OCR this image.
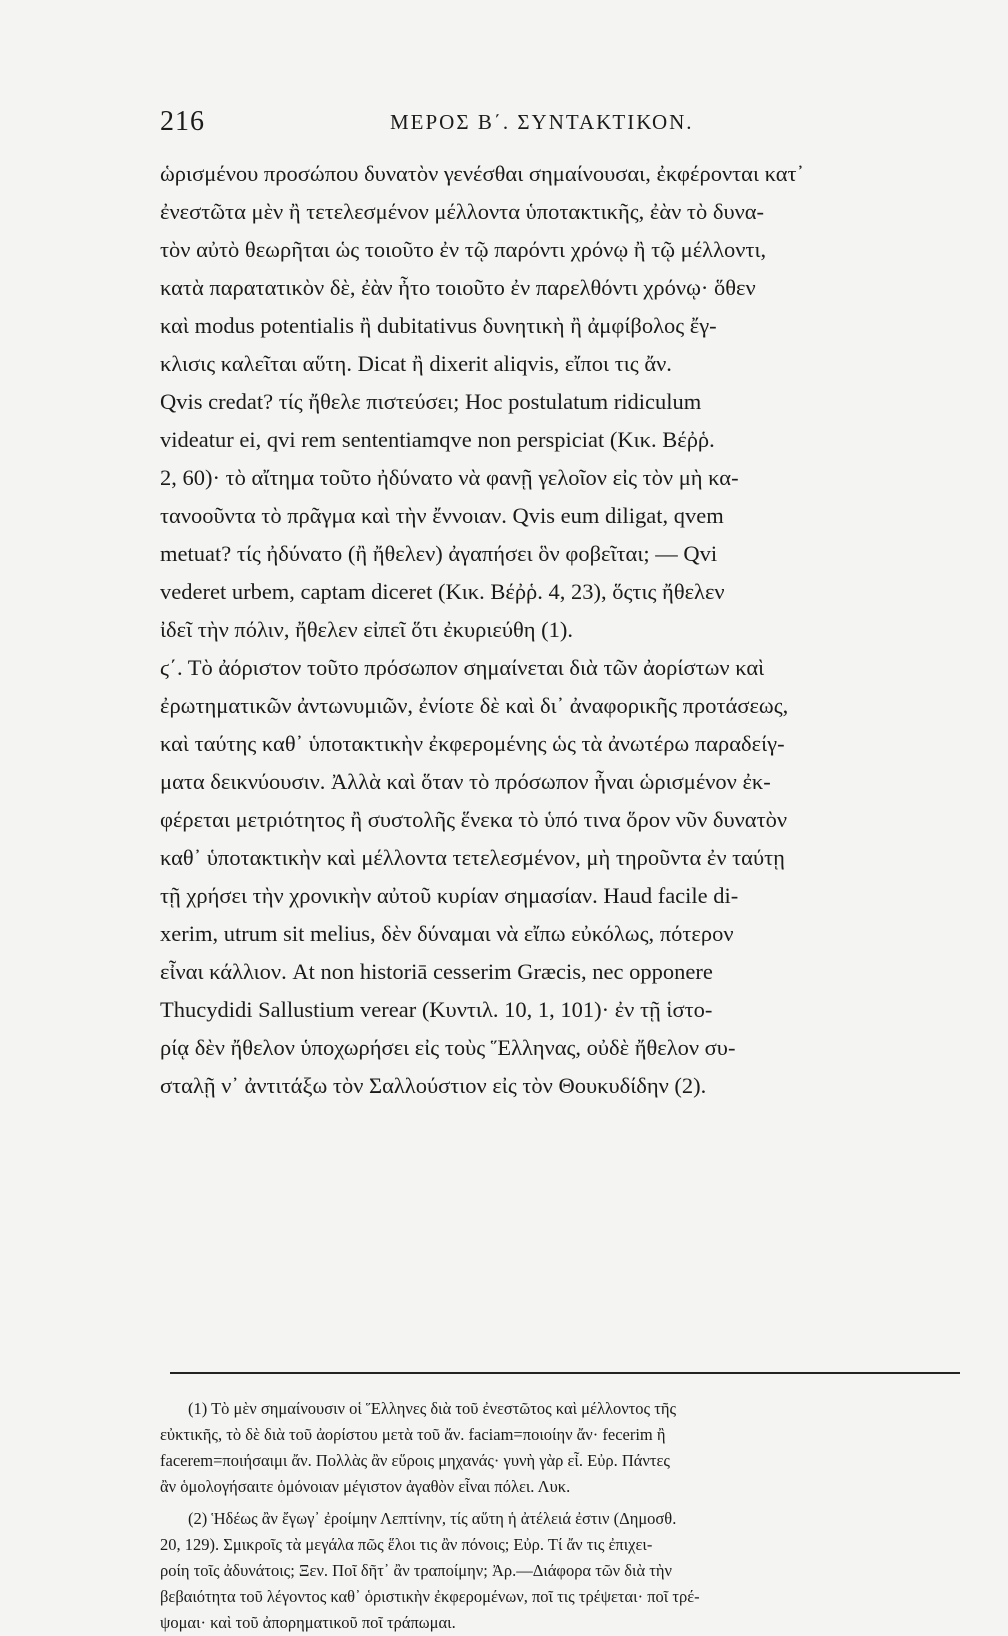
216	ΜΕΡΟΣ Β΄. ΣΥΝΤΑΚΤΙΚΟΝ.
ὡρισμένου προσώπου δυνατὸν γενέσθαι σημαίνουσαι, ἐκφέρονται κατ᾽
ἐνεστῶτα μὲν ἢ τετελεσμένον μέλλοντα ὑποτακτικῆς, ἐὰν τὸ δυνα-
τὸν αὐτὸ θεωρῆται ὡς τοιοῦτο ἐν τῷ παρόντι χρόνῳ ἢ τῷ μέλλοντι,
κατὰ παρατατικὸν δὲ, ἐὰν ἦτο τοιοῦτο ἐν παρελθόντι χρόνῳ· ὅθεν
καὶ modus potentialis ἢ dubitativus δυνητικὴ ἢ ἀμφίβολος ἔγ-
κλισις καλεῖται αὕτη. Dicat ἢ dixerit aliqvis, εἴποι τις ἄν.
Qvis credat? τίς ἤθελε πιστεύσει; Hoc postulatum ridiculum
videatur ei, qvi rem sententiamqve non perspiciat (Κικ. Βέῤῥ.
2, 60)· τὸ αἴτημα τοῦτο ἠδύνατο νὰ φανῇ γελοῖον εἰς τὸν μὴ κα-
τανοοῦντα τὸ πρᾶγμα καὶ τὴν ἔννοιαν. Qvis eum diligat, qvem
metuat? τίς ἠδύνατο (ἢ ἤθελεν) ἀγαπήσει ὃν φοβεῖται; — Qvi
vederet urbem, captam diceret (Κικ. Βέῤῥ. 4, 23), ὅςτις ἤθελεν
ἰδεῖ τὴν πόλιν, ἤθελεν εἰπεῖ ὅτι ἐκυριεύθη (1).
ϛ΄. Τὸ ἀόριστον τοῦτο πρόσωπον σημαίνεται διὰ τῶν ἀορίστων καὶ
ἐρωτηματικῶν ἀντωνυμιῶν, ἐνίοτε δὲ καὶ δι᾽ ἀναφορικῆς προτάσεως,
καὶ ταύτης καθ᾽ ὑποτακτικὴν ἐκφερομένης ὡς τὰ ἀνωτέρω παραδείγ-
ματα δεικνύουσιν. Ἀλλὰ καὶ ὅταν τὸ πρόσωπον ἦναι ὡρισμένον ἐκ-
φέρεται μετριότητος ἢ συστολῆς ἕνεκα τὸ ὑπό τινα ὅρον νῦν δυνατὸν
καθ᾽ ὑποτακτικὴν καὶ μέλλοντα τετελεσμένον, μὴ τηροῦντα ἐν ταύτῃ
τῇ χρήσει τὴν χρονικὴν αὐτοῦ κυρίαν σημασίαν. Haud facile di-
xerim, utrum sit melius, δὲν δύναμαι νὰ εἴπω εὐκόλως, πότερον
εἶναι κάλλιον. At non historiā cesserim Græcis, nec opponere
Thucydidi Sallustium verear (Κυντιλ. 10, 1, 101)· ἐν τῇ ἱστο-
ρίᾳ δὲν ἤθελον ὑποχωρήσει εἰς τοὺς Ἕλληνας, οὐδὲ ἤθελον συ-
σταλῇ ν᾽ ἀντιτάξω τὸν Σαλλούστιον εἰς τὸν Θουκυδίδην (2).
(1) Τὸ μὲν σημαίνουσιν οἱ Ἕλληνες διὰ τοῦ ἐνεστῶτος καὶ μέλλοντος τῆς
εὐκτικῆς, τὸ δὲ διὰ τοῦ ἀορίστου μετὰ τοῦ ἄν. faciam=ποιοίην ἄν· fecerim ἢ
facerem=ποιήσαιμι ἄν. Πολλὰς ἂν εὕροις μηχανάς· γυνὴ γὰρ εἶ. Εὐρ. Πάντες
ἂν ὁμολογήσαιτε ὁμόνοιαν μέγιστον ἀγαθὸν εἶναι πόλει. Λυκ.
(2) Ἡδέως ἂν ἔγωγ᾽ ἐροίμην Λεπτίνην, τίς αὕτη ἡ ἀτέλειά ἐστιν (Δημοσθ.
20, 129). Σμικροῖς τὰ μεγάλα πῶς ἕλοι τις ἂν πόνοις; Εὐρ. Τί ἄν τις ἐπιχει-
ροίη τοῖς ἀδυνάτοις; Ξεν. Ποῖ δῆτ᾽ ἂν τραποίμην; Ἀρ.—Διάφορα τῶν διὰ τὴν
βεβαιότητα τοῦ λέγοντος καθ᾽ ὁριστικὴν ἐκφερομένων, ποῖ τις τρέψεται· ποῖ τρέ-
ψομαι· καὶ τοῦ ἀπορηματικοῦ ποῖ τράπωμαι.
